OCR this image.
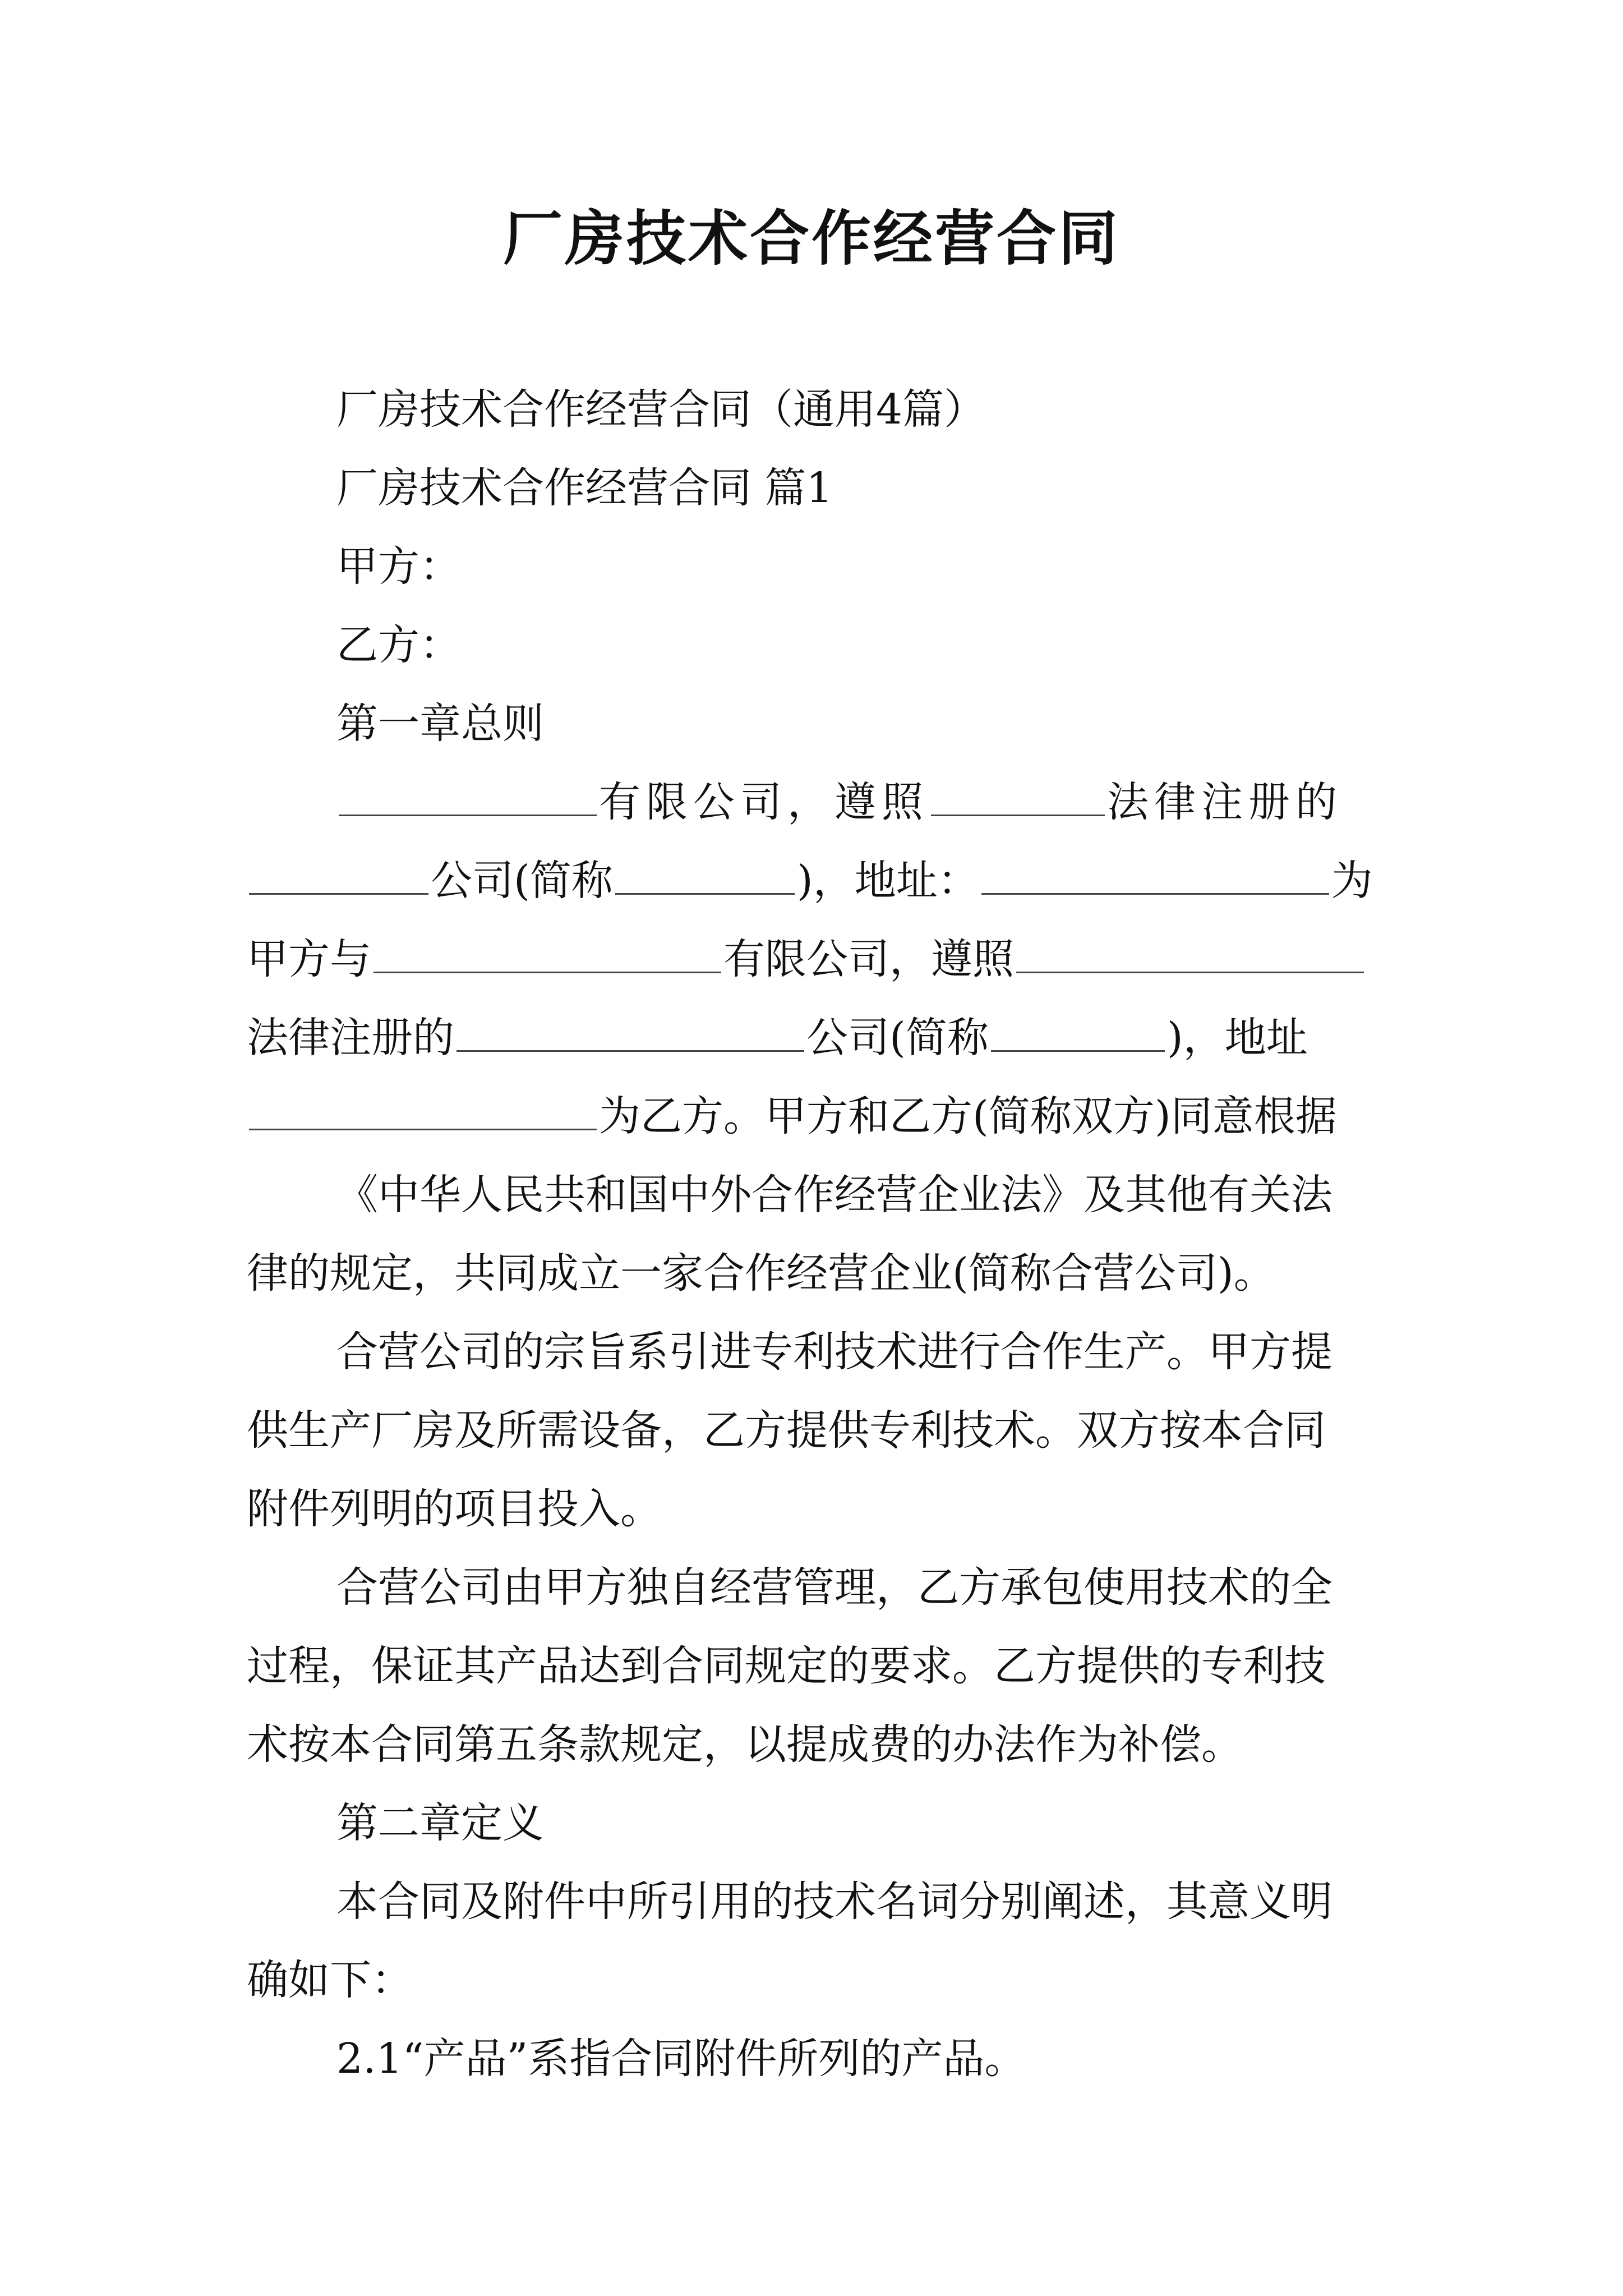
厂房技术合作经营合同
厂房技术合作经营合同（通用4篇）
厂房技术合作经营合同 篇1
甲方：
乙方：
第一章总则
有限公司，遵照	法律注册的
公司(简称	)，地址：	为
甲方与	有限公司，遵照
法律注册的	公司(简称	)，地址
为乙方。甲方和乙方(简称双方)同意根据
《中华人民共和国中外合作经营企业法》及其他有关法
律的规定，共同成立一家合作经营企业(简称合营公司)。
合营公司的宗旨系引进专利技术进行合作生产。甲方提
供生产厂房及所需设备，乙方提供专利技术。双方按本合同
附件列明的项目投入。
合营公司由甲方独自经营管理，乙方承包使用技术的全
过程，保证其产品达到合同规定的要求。乙方提供的专利技
术按本合同第五条款规定，以提成费的办法作为补偿。
第二章定义
本合同及附件中所引用的技术名词分别阐述，其意义明
确如下：
2.1“产品”系指合同附件所列的产品。
